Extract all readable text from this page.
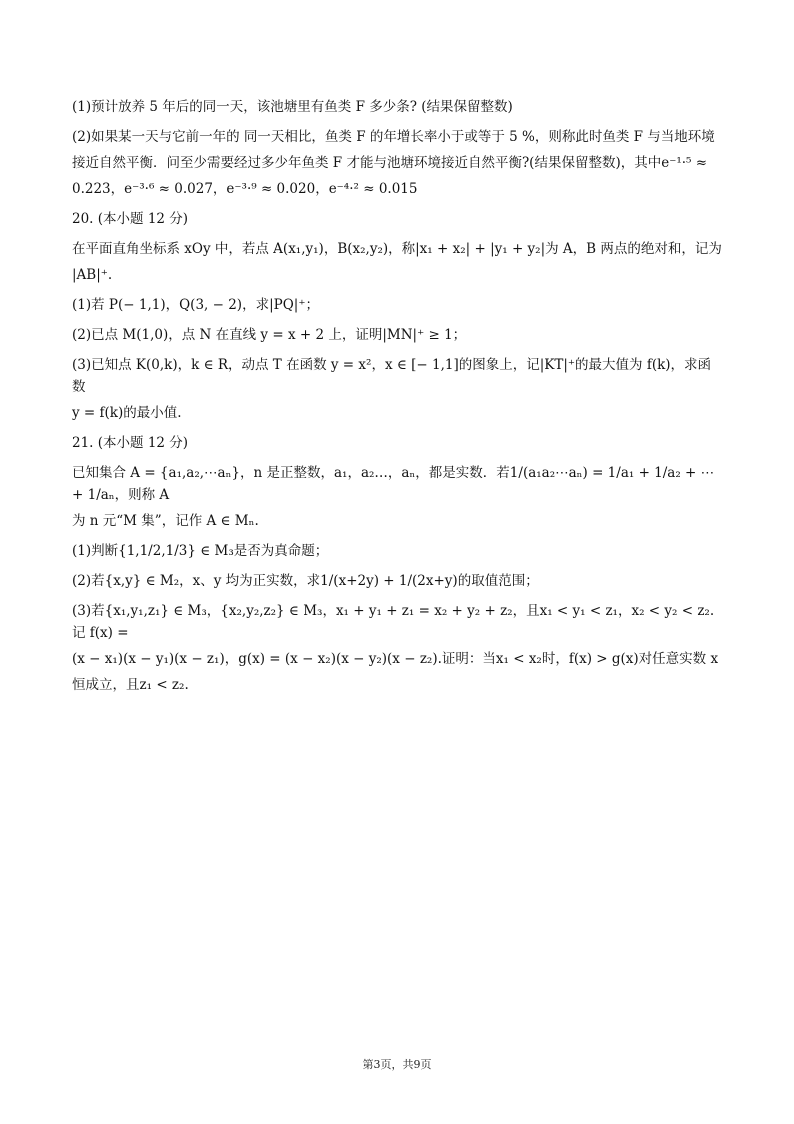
(1)预计放养 5 年后的同一天，该池塘里有鱼类 F 多少条? (结果保留整数)

(2)如果某一天与它前一年的 同一天相比，鱼类 F 的年增长率小于或等于 5 %，则称此时鱼类 F 与当地环境

接近自然平衡．问至少需要经过多少年鱼类 F 才能与池塘环境接近自然平衡?(结果保留整数)，其中e⁻¹·⁵ ≈

0.223，e⁻³·⁶ ≈ 0.027，e⁻³·⁹ ≈ 0.020，e⁻⁴·² ≈ 0.015

20. (本小题 12 分)

在平面直角坐标系 xOy 中，若点 A(x₁,y₁)，B(x₂,y₂)，称|x₁ + x₂| + |y₁ + y₂|为 A，B 两点的绝对和，记为

|AB|⁺.

(1)若 P(− 1,1)，Q(3, − 2)，求|PQ|⁺；

(2)已点 M(1,0)，点 N 在直线 y = x + 2 上，证明|MN|⁺ ≥ 1；

(3)已知点 K(0,k)，k ∈ R，动点 T 在函数 y = x²，x ∈ [− 1,1]的图象上，记|KT|⁺的最大值为 f(k)，求函数

y = f(k)的最小值.

21. (本小题 12 分)

已知集合 A = {a₁,a₂,⋯aₙ}，n 是正整数，a₁，a₂…，aₙ，都是实数．若1/(a₁a₂⋯aₙ) = 1/a₁ + 1/a₂ + ⋯ + 1/aₙ，则称 A

为 n 元“M 集”，记作 A ∈ Mₙ.

(1)判断{1,1/2,1/3} ∈ M₃是否为真命题；

(2)若{x,y} ∈ M₂，x、y 均为正实数，求1/(x+2y) + 1/(2x+y)的取值范围；

(3)若{x₁,y₁,z₁} ∈ M₃，{x₂,y₂,z₂} ∈ M₃，x₁ + y₁ + z₁ = x₂ + y₂ + z₂，且x₁ < y₁ < z₁，x₂ < y₂ < z₂.记 f(x) =

(x − x₁)(x − y₁)(x − z₁)，g(x) = (x − x₂)(x − y₂)(x − z₂).证明：当x₁ < x₂时，f(x) > g(x)对任意实数 x

恒成立，且z₁ < z₂.

第3页，共9页
